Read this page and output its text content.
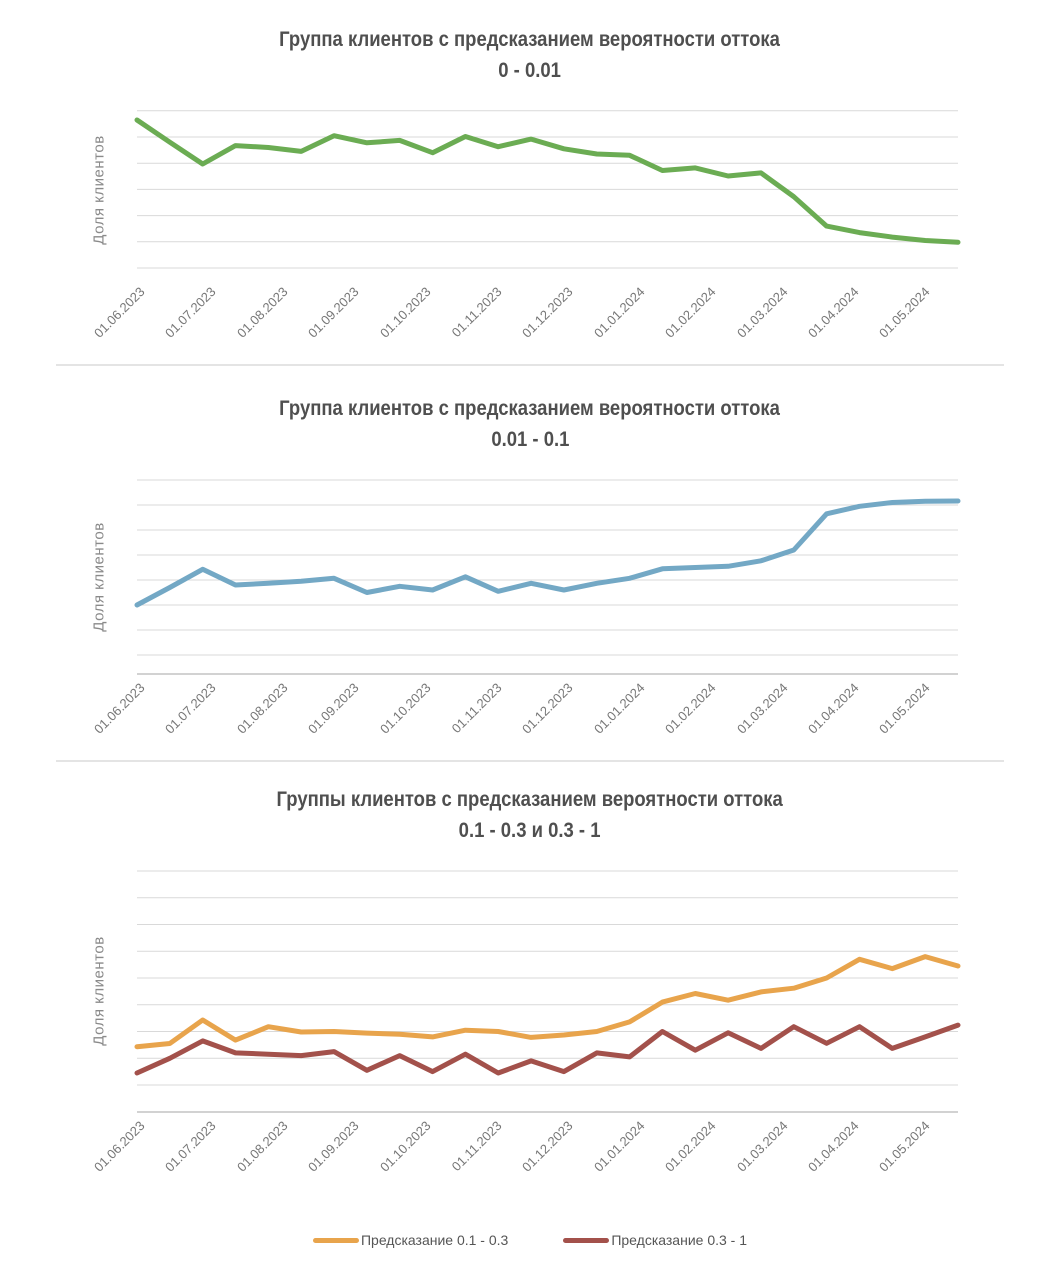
Группа клиентов с предсказанием вероятности оттока
0 - 0.01
Доля клиентов
01.06.2023	01.07.2023	01.08.2023	01.09.2023	01.10.2023	01.11.2023	01.12.2023	01.01.2024	01.02.2024	01.03.2024	01.04.2024	01.05.2024
Группа клиентов с предсказанием вероятности оттока
0.01 - 0.1
Доля клиентов
01.06.2023	01.07.2023	01.08.2023	01.09.2023	01.10.2023	01.11.2023	01.12.2023	01.01.2024	01.02.2024	01.03.2024	01.04.2024	01.05.2024
Группы клиентов с предсказанием вероятности оттока
0.1 - 0.3 и 0.3 - 1
Доля клиентов
01.06.2023	01.07.2023	01.08.2023	01.09.2023	01.10.2023	01.11.2023	01.12.2023	01.01.2024	01.02.2024	01.03.2024	01.04.2024	01.05.2024
Предсказание 0.1 - 0.3	Предсказание 0.3 - 1
